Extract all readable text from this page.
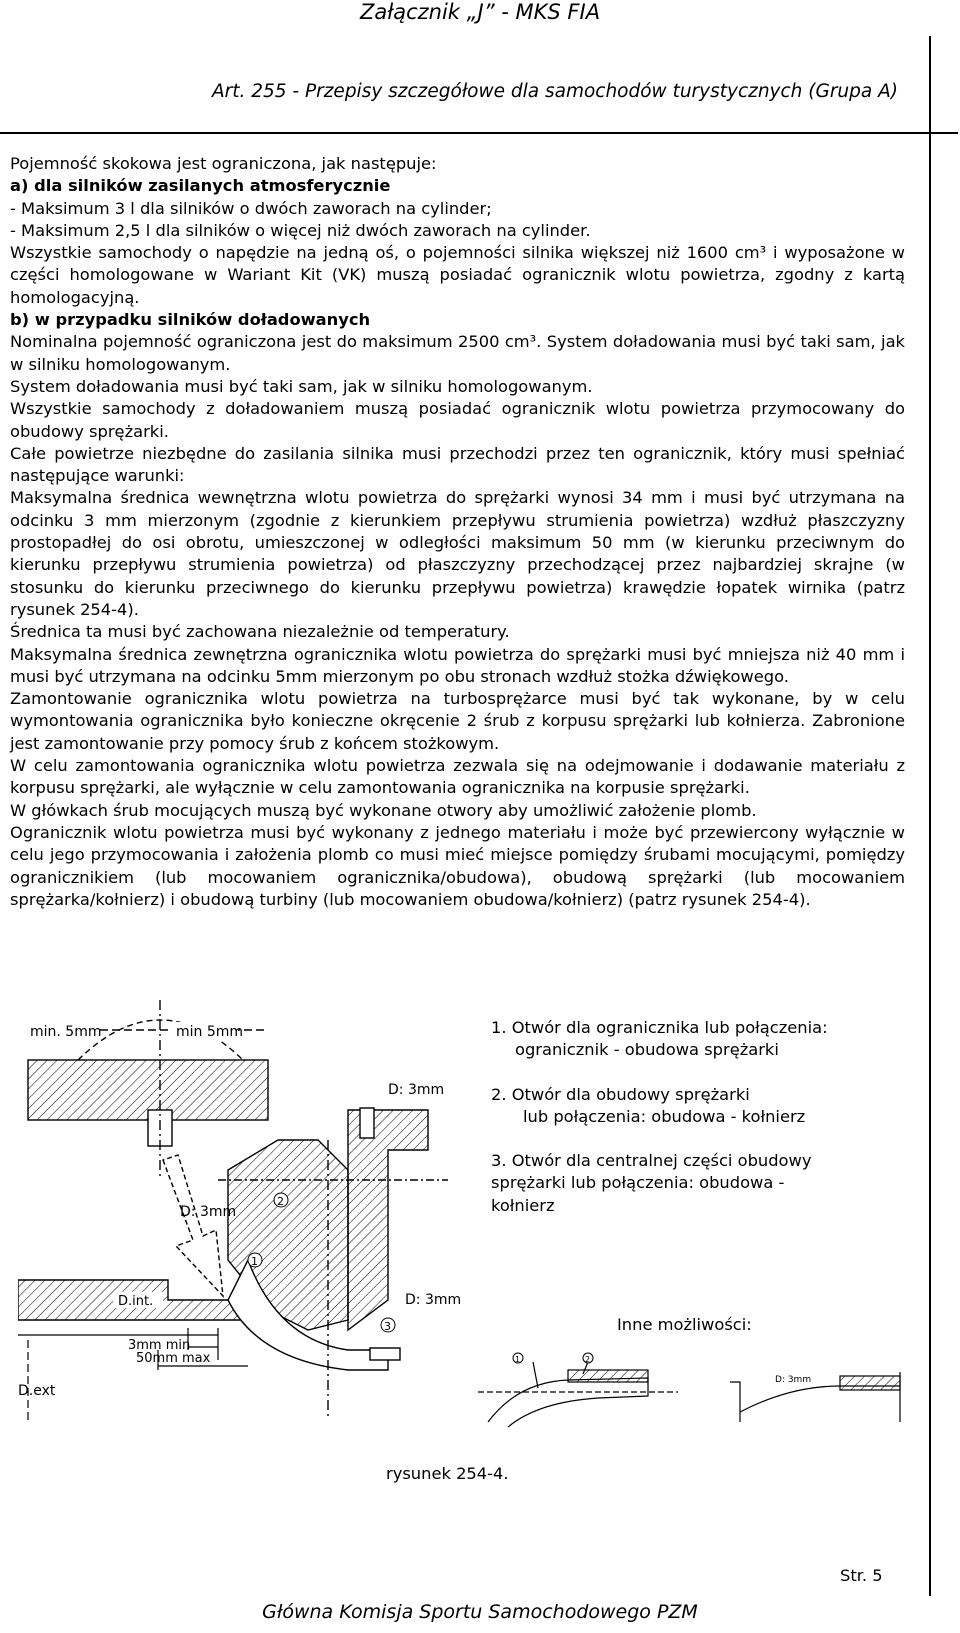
Załącznik „J” - MKS FIA
Art. 255 - Przepisy szczegółowe dla samochodów turystycznych (Grupa A)

Pojemność skokowa jest ograniczona, jak następuje:

a) dla silników zasilanych atmosferycznie

- Maksimum 3 l dla silników o dwóch zaworach na cylinder;

- Maksimum 2,5 l dla silników o więcej niż dwóch zaworach na cylinder.

Wszystkie samochody o napędzie na jedną oś, o pojemności silnika większej niż 1600 cm³ i wyposażone w części homologowane w Wariant Kit (VK) muszą posiadać ogranicznik wlotu powietrza, zgodny z kartą homologacyjną.

b) w przypadku silników doładowanych

Nominalna pojemność ograniczona jest do maksimum 2500 cm³. System doładowania musi być taki sam, jak w silniku homologowanym.

System doładowania musi być taki sam, jak w silniku homologowanym.

Wszystkie samochody z doładowaniem muszą posiadać ogranicznik wlotu powietrza przymocowany do obudowy sprężarki.

Całe powietrze niezbędne do zasilania silnika musi przechodzi przez ten ogranicznik, który musi spełniać następujące warunki:

Maksymalna średnica wewnętrzna wlotu powietrza do sprężarki wynosi 34 mm i musi być utrzymana na odcinku 3 mm mierzonym (zgodnie z kierunkiem przepływu strumienia powietrza) wzdłuż płaszczyzny prostopadłej do osi obrotu, umieszczonej w odległości maksimum 50 mm (w kierunku przeciwnym do kierunku przepływu strumienia powietrza) od płaszczyzny przechodzącej przez najbardziej skrajne (w stosunku do kierunku przeciwnego do kierunku przepływu powietrza) krawędzie łopatek wirnika (patrz rysunek 254-4).

Średnica ta musi być zachowana niezależnie od temperatury.

Maksymalna średnica zewnętrzna ogranicznika wlotu powietrza do sprężarki musi być mniejsza niż 40 mm i musi być utrzymana na odcinku 5mm mierzonym po obu stronach wzdłuż stożka dźwiękowego.

Zamontowanie ogranicznika wlotu powietrza na turbosprężarce musi być tak wykonane, by w celu wymontowania ogranicznika było konieczne okręcenie 2 śrub z korpusu sprężarki lub kołnierza. Zabronione jest zamontowanie przy pomocy śrub z końcem stożkowym.

W celu zamontowania ogranicznika wlotu powietrza zezwala się na odejmowanie i dodawanie materiału z korpusu sprężarki, ale wyłącznie w celu zamontowania ogranicznika na korpusie sprężarki.

W główkach śrub mocujących muszą być wykonane otwory aby umożliwić założenie plomb.

Ogranicznik wlotu powietrza musi być wykonany z jednego materiału i może być przewiercony wyłącznie w celu jego przymocowania i założenia plomb co musi mieć miejsce pomiędzy śrubami mocującymi, pomiędzy ogranicznikiem (lub mocowaniem ogranicznika/obudowa), obudową sprężarki (lub mocowaniem sprężarka/kołnierz) i obudową turbiny (lub mocowaniem obudowa/kołnierz) (patrz rysunek 254-4).

min. 5mm	min 5mm
2
1
3
D: 3mm
D: 3mm
D: 3mm
D.int.
3mm min
50mm max
D.ext

1. Otwór dla ogranicznika lub połączenia:

ogranicznik - obudowa sprężarki

2. Otwór dla obudowy sprężarki

lub połączenia: obudowa - kołnierz

3. Otwór dla centralnej części obudowy

sprężarki lub połączenia: obudowa -

kołnierz

Inne możliwości:
1	2
D: 3mm
rysunek 254-4.
Str. 5
Główna Komisja Sportu Samochodowego PZM
